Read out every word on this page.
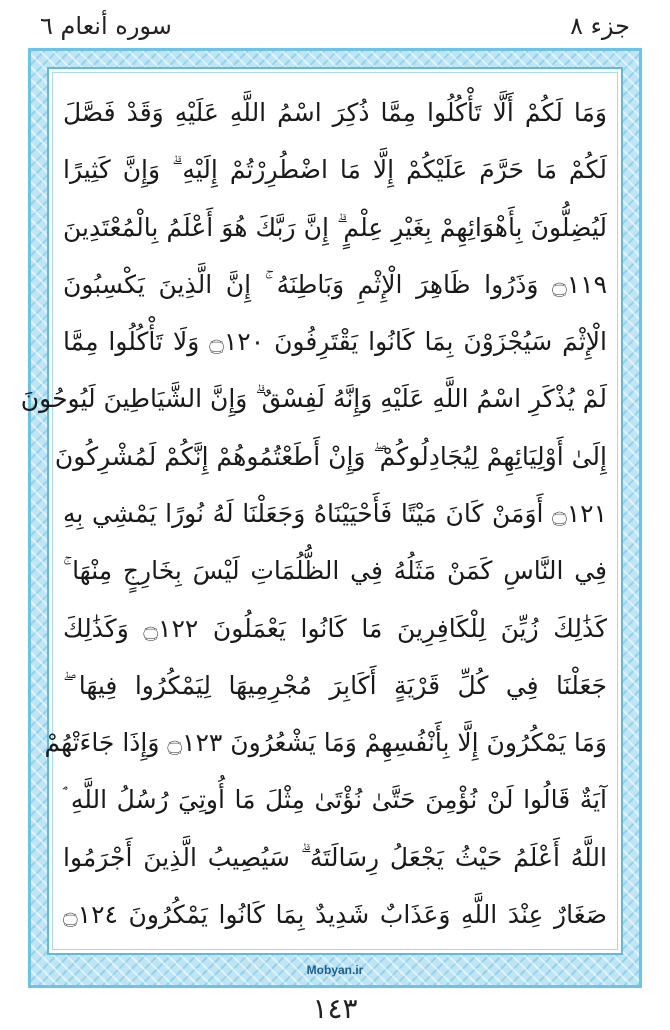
جزء ۸
سوره أنعام ٦
وَمَا لَكُمْ أَلَّا تَأْكُلُوا مِمَّا ذُكِرَ اسْمُ اللَّهِ عَلَيْهِ وَقَدْ فَصَّلَ
لَكُمْ مَا حَرَّمَ عَلَيْكُمْ إِلَّا مَا اضْطُرِرْتُمْ إِلَيْهِ ۗ وَإِنَّ كَثِيرًا
لَيُضِلُّونَ بِأَهْوَائِهِمْ بِغَيْرِ عِلْمٍ ۗ إِنَّ رَبَّكَ هُوَ أَعْلَمُ بِالْمُعْتَدِينَ
۝١١٩ وَذَرُوا ظَاهِرَ الْإِثْمِ وَبَاطِنَهُ ۚ إِنَّ الَّذِينَ يَكْسِبُونَ
الْإِثْمَ سَيُجْزَوْنَ بِمَا كَانُوا يَقْتَرِفُونَ ۝١٢٠ وَلَا تَأْكُلُوا مِمَّا
لَمْ يُذْكَرِ اسْمُ اللَّهِ عَلَيْهِ وَإِنَّهُ لَفِسْقٌ ۗ وَإِنَّ الشَّيَاطِينَ لَيُوحُونَ
إِلَىٰ أَوْلِيَائِهِمْ لِيُجَادِلُوكُمْ ۖ وَإِنْ أَطَعْتُمُوهُمْ إِنَّكُمْ لَمُشْرِكُونَ
۝١٢١ أَوَمَنْ كَانَ مَيْتًا فَأَحْيَيْنَاهُ وَجَعَلْنَا لَهُ نُورًا يَمْشِي بِهِ
فِي النَّاسِ كَمَنْ مَثَلُهُ فِي الظُّلُمَاتِ لَيْسَ بِخَارِجٍ مِنْهَا ۚ
كَذَٰلِكَ زُيِّنَ لِلْكَافِرِينَ مَا كَانُوا يَعْمَلُونَ ۝١٢٢ وَكَذَٰلِكَ
جَعَلْنَا فِي كُلِّ قَرْيَةٍ أَكَابِرَ مُجْرِمِيهَا لِيَمْكُرُوا فِيهَا ۖ
وَمَا يَمْكُرُونَ إِلَّا بِأَنْفُسِهِمْ وَمَا يَشْعُرُونَ ۝١٢٣ وَإِذَا جَاءَتْهُمْ
آيَةٌ قَالُوا لَنْ نُؤْمِنَ حَتَّىٰ نُؤْتَىٰ مِثْلَ مَا أُوتِيَ رُسُلُ اللَّهِ ۘ
اللَّهُ أَعْلَمُ حَيْثُ يَجْعَلُ رِسَالَتَهُ ۗ سَيُصِيبُ الَّذِينَ أَجْرَمُوا
صَغَارٌ عِنْدَ اللَّهِ وَعَذَابٌ شَدِيدٌ بِمَا كَانُوا يَمْكُرُونَ ۝١٢٤
Mobyan.ir
١٤٣
